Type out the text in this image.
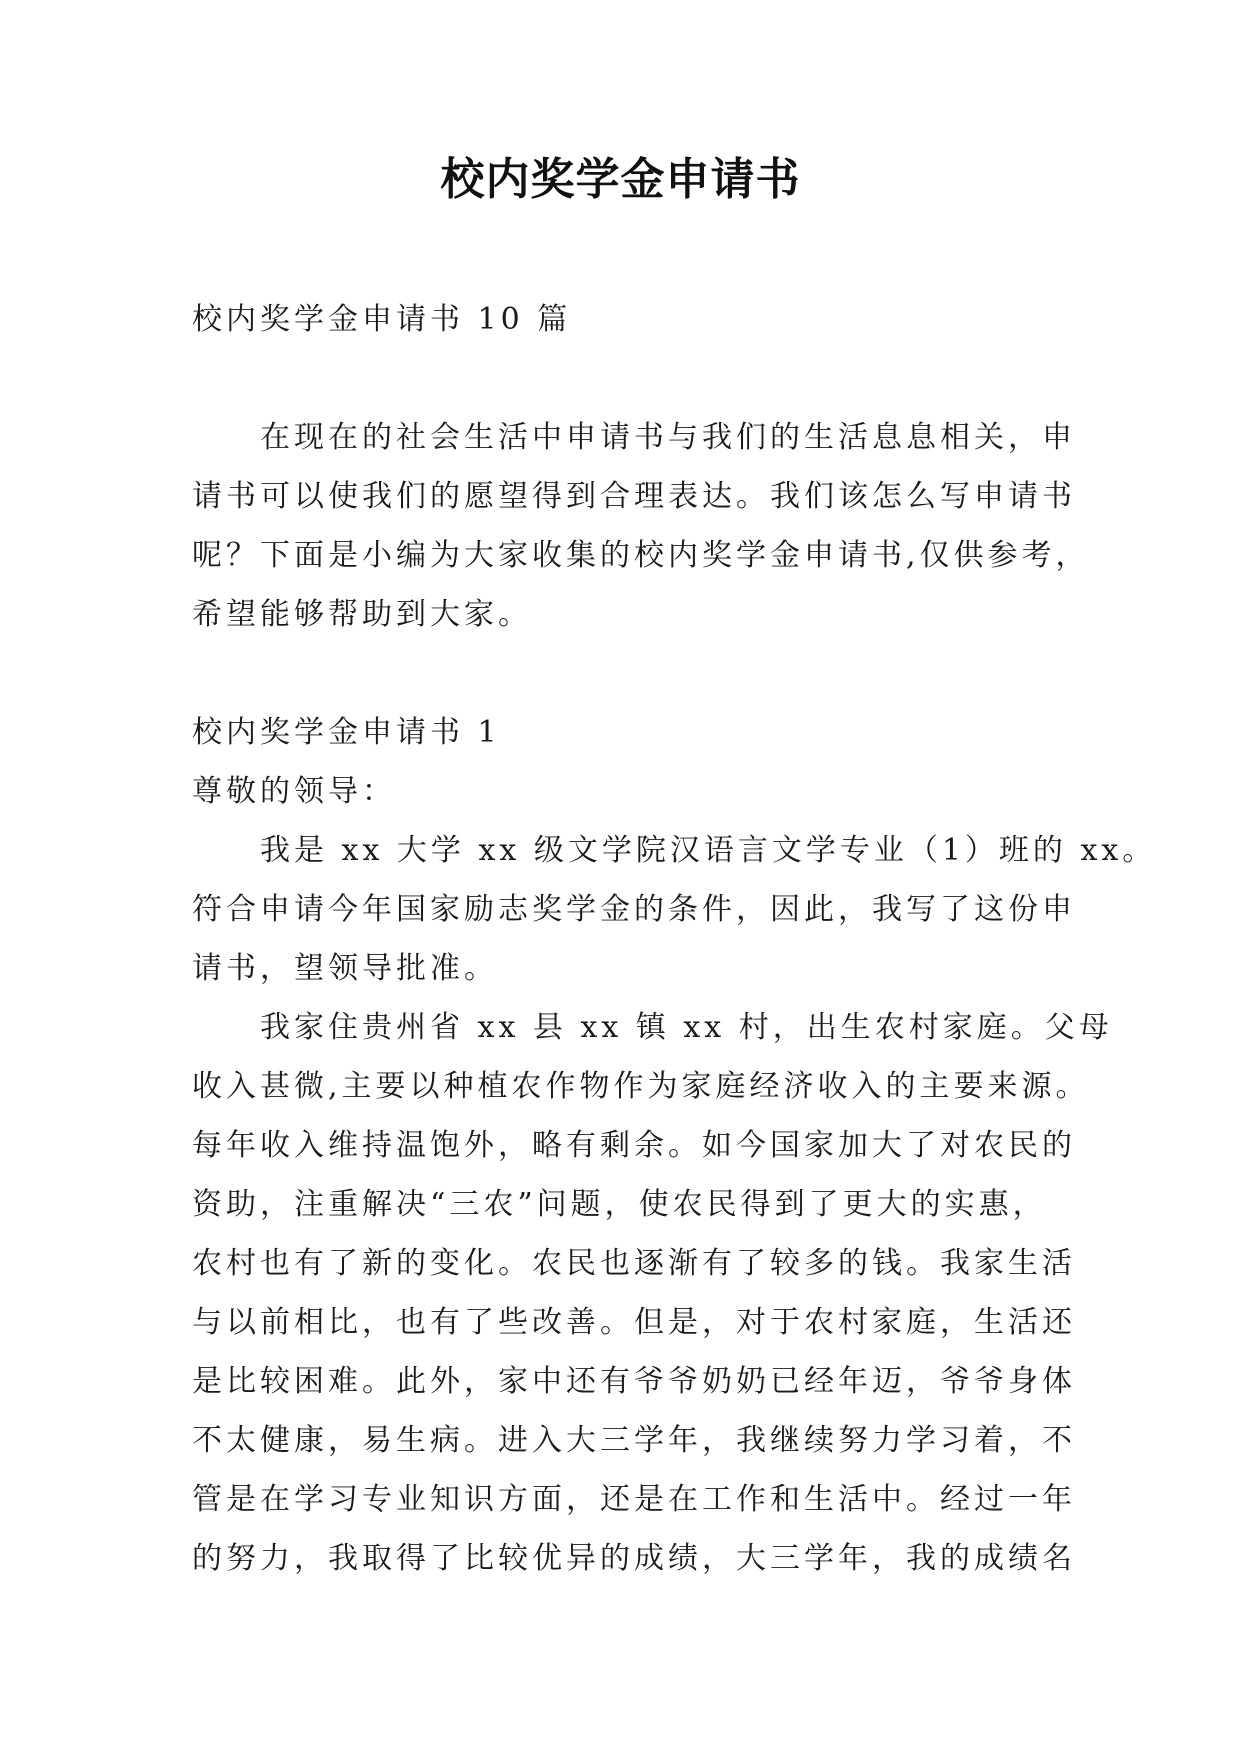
校内奖学金申请书
校内奖学金申请书 10 篇
在现在的社会生活中申请书与我们的生活息息相关，申
请书可以使我们的愿望得到合理表达。我们该怎么写申请书
呢？下面是小编为大家收集的校内奖学金申请书,仅供参考，
希望能够帮助到大家。
校内奖学金申请书 1
尊敬的领导：
我是 xx 大学 xx 级文学院汉语言文学专业（1）班的 xx。
符合申请今年国家励志奖学金的条件，因此，我写了这份申
请书，望领导批准。
我家住贵州省 xx 县 xx 镇 xx 村，出生农村家庭。父母
收入甚微,主要以种植农作物作为家庭经济收入的主要来源。
每年收入维持温饱外，略有剩余。如今国家加大了对农民的
资助，注重解决“三农”问题，使农民得到了更大的实惠，
农村也有了新的变化。农民也逐渐有了较多的钱。我家生活
与以前相比，也有了些改善。但是，对于农村家庭，生活还
是比较困难。此外，家中还有爷爷奶奶已经年迈，爷爷身体
不太健康，易生病。进入大三学年，我继续努力学习着，不
管是在学习专业知识方面，还是在工作和生活中。经过一年
的努力，我取得了比较优异的成绩，大三学年，我的成绩名
